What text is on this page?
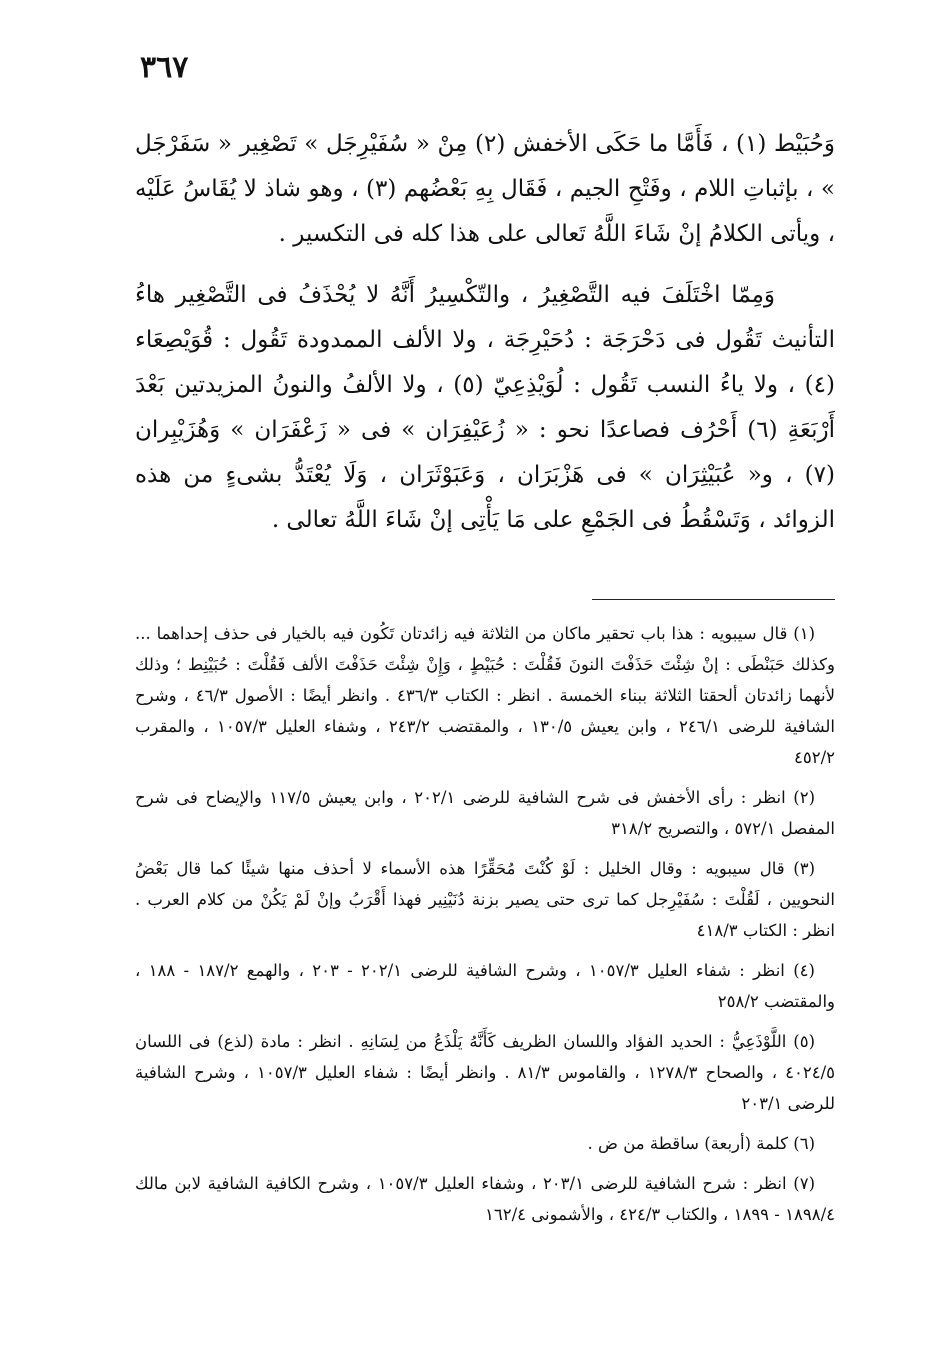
٣٦٧

وَحُبَيْط (١) ، فَأَمَّا ما حَكَى الأخفش (٢) مِنْ « سُفَيْرِجَل » تَصْغِير « سَفَرْجَل » ، بإثباتِ اللام ، وفَتْحِ الجيم ، فَقَال بِهِ بَعْضُهم (٣) ، وهو شاذ لا يُقَاسُ عَلَيْه ، ويأتى الكلامُ إنْ شَاءَ اللَّهُ تَعالى على هذا كله فى التكسير .

وَمِمّا اخْتَلَفَ فيه التَّصْغِيرُ ، والتّكْسِيرُ أَنَّهُ لا يُحْذَفُ فى التَّصْغِير هاءُ التأنيث تَقُول فى دَحْرَجَة : دُحَيْرِجَة ، ولا الألف الممدودة تَقُول : قُوَيْصِعَاء (٤) ، ولا ياءُ النسب تَقُول : لُوَيْذِعِيّ (٥) ، ولا الألفُ والنونُ المزيدتين بَعْدَ أَرْبَعَةِ (٦) أَحْرُف فصاعدًا نحو : « زُعَيْفِرَان » فى « زَعْفَرَان » وَهُزَيْبِران (٧) ، و« عُبَيْثِرَان » فى هَزْبَرَان ، وَعَبَوْثَرَان ، وَلَا يُعْتَدُّ بشىءٍ من هذه الزوائد ، وَتَسْقُطُ فى الجَمْعِ على مَا يَأْتِى إنْ شَاءَ اللَّهُ تعالى .

(١) قال سيبويه : هذا باب تحقير ماكان من الثلاثة فيه زائدتان تَكُون فيه بالخيار فى حذف إحداهما ... وكذلك حَبَنْطَى : إنْ شِئْتَ حَذَفْتَ النونَ فَقُلْتَ : حُبَيْطٍ ، وَإِنْ شِئْتَ حَذَفْتَ الألف فَقُلْتَ : حُبَيْنِط ؛ وذلك لأنهما زائدتان ألحقتا الثلاثة ببناء الخمسة . انظر : الكتاب ٤٣٦/٣ . وانظر أيضًا : الأصول ٤٦/٣ ، وشرح الشافية للرضى ٢٤٦/١ ، وابن يعيش ١٣٠/٥ ، والمقتضب ٢٤٣/٢ ، وشفاء العليل ١٠٥٧/٣ ، والمقرب ٤٥٢/٢

(٢) انظر : رأى الأخفش فى شرح الشافية للرضى ٢٠٢/١ ، وابن يعيش ١١٧/٥ والإيضاح فى شرح المفصل ٥٧٢/١ ، والتصريح ٣١٨/٢

(٣) قال سيبويه : وقال الخليل : لَوْ كُنْتَ مُحَقِّرًا هذه الأسماء لا أحذف منها شيئًا كما قال بَعْضُ النحويين ، لَقُلْتَ : سُفَيْرِجل كما ترى حتى يصير بزنة دُنَيْنِير فهذا أَقْرَبُ وإنْ لَمْ يَكُنْ من كلام العرب . انظر : الكتاب ٤١٨/٣

(٤) انظر : شفاء العليل ١٠٥٧/٣ ، وشرح الشافية للرضى ٢٠٢/١ - ٢٠٣ ، والهمع ١٨٧/٢ - ١٨٨ ، والمقتضب ٢٥٨/٢

(٥) اللَّوْذَعِيُّ : الحديد الفؤاد واللسان الظريف كَأَنَّهُ يَلْذَعُ من لِسَانِهِ . انظر : مادة (لذع) فى اللسان ٤٠٢٤/٥ ، والصحاح ١٢٧٨/٣ ، والقاموس ٨١/٣ . وانظر أيضًا : شفاء العليل ١٠٥٧/٣ ، وشرح الشافية للرضى ٢٠٣/١

(٦) كلمة (أربعة) ساقطة من ض .

(٧) انظر : شرح الشافية للرضى ٢٠٣/١ ، وشفاء العليل ١٠٥٧/٣ ، وشرح الكافية الشافية لابن مالك ١٨٩٨/٤ - ١٨٩٩ ، والكتاب ٤٢٤/٣ ، والأشمونى ١٦٢/٤
